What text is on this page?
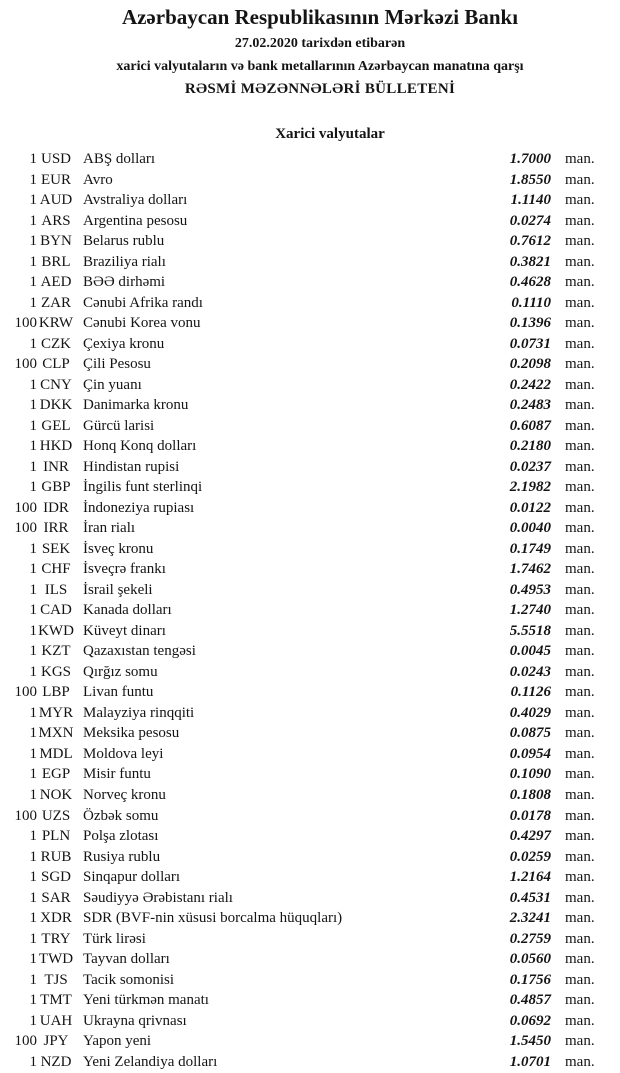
Azərbaycan Respublikasının Mərkəzi Bankı
27.02.2020 tarixdən etibarən
xarici valyutaların və bank metallarının Azərbaycan manatına qarşı
RƏSMİ MƏZƏNNƏLƏRİ BÜLLETENİ
Xarici valyutalar
1 USD ABŞ dolları	1.7000 man.
1 EUR Avro	1.8550 man.
1 AUD Avstraliya dolları	1.1140 man.
1 ARS Argentina pesosu	0.0274 man.
1 BYN Belarus rublu	0.7612 man.
1 BRL Braziliya rialı	0.3821 man.
1 AED BƏƏ dirhəmi	0.4628 man.
1 ZAR Cənubi Afrika randı	0.1110 man.
100 KRW Cənubi Korea vonu	0.1396 man.
1 CZK Çexiya kronu	0.0731 man.
100 CLP Çili Pesosu	0.2098 man.
1 CNY Çin yuanı	0.2422 man.
1 DKK Danimarka kronu	0.2483 man.
1 GEL Gürcü larisi	0.6087 man.
1 HKD Honq Konq dolları	0.2180 man.
1 INR Hindistan rupisi	0.0237 man.
1 GBP İngilis funt sterlinqi	2.1982 man.
100 IDR İndoneziya rupiası	0.0122 man.
100 IRR İran rialı	0.0040 man.
1 SEK İsveç kronu	0.1749 man.
1 CHF İsveçrə frankı	1.7462 man.
1 ILS	İsrail şekeli	0.4953 man.
1 CAD Kanada dolları	1.2740 man.
1 KWD Küveyt dinarı	5.5518 man.
1 KZT Qazaxıstan tengəsi	0.0045 man.
1 KGS Qırğız somu	0.0243 man.
100 LBP Livan funtu	0.1126 man.
1 MYR Malayziya rinqqiti	0.4029 man.
1 MXN Meksika pesosu	0.0875 man.
1 MDL Moldova leyi	0.0954 man.
1 EGP Misir funtu	0.1090 man.
1 NOK Norveç kronu	0.1808 man.
100 UZS Özbək somu	0.0178 man.
1 PLN Polşa zlotası	0.4297 man.
1 RUB Rusiya rublu	0.0259 man.
1 SGD Sinqapur dolları	1.2164 man.
1 SAR Səudiyyə Ərəbistanı rialı	0.4531 man.
1 XDR SDR (BVF-nin xüsusi borcalma hüquqları)	2.3241 man.
1 TRY Türk lirəsi	0.2759 man.
1 TWD Tayvan dolları	0.0560 man.
1 TJS	Tacik somonisi	0.1756 man.
1 TMT Yeni türkmən manatı	0.4857 man.
1 UAH Ukrayna qrivnası	0.0692 man.
100 JPY Yapon yeni	1.5450 man.
1 NZD Yeni Zelandiya dolları	1.0701 man.
